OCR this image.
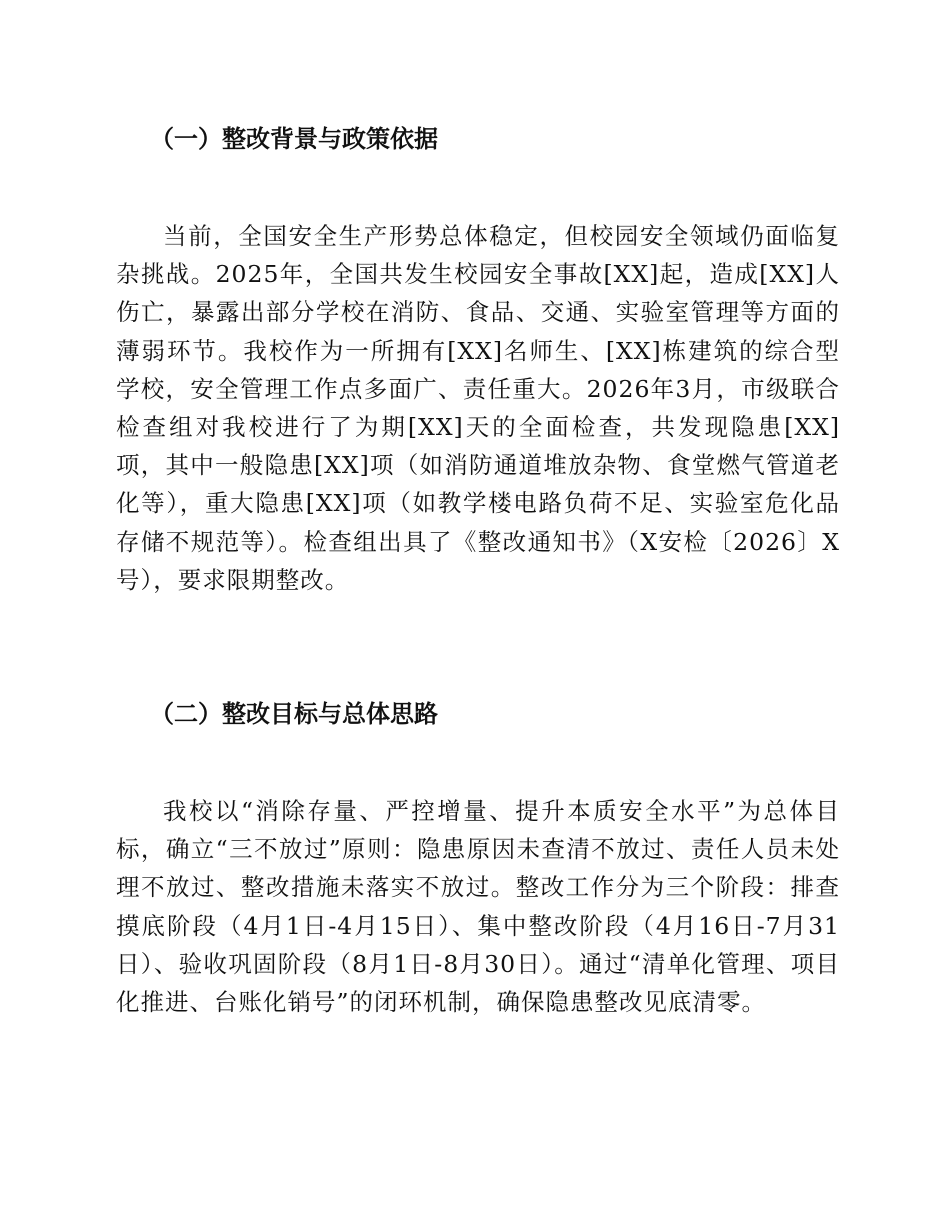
（一）整改背景与政策依据

当前，全国安全生产形势总体稳定，但校园安全领域仍面临复杂挑战。2025年，全国共发生校园安全事故[XX]起，造成[XX]人伤亡，暴露出部分学校在消防、食品、交通、实验室管理等方面的薄弱环节。我校作为一所拥有[XX]名师生、[XX]栋建筑的综合型学校，安全管理工作点多面广、责任重大。2026年3月，市级联合检查组对我校进行了为期[XX]天的全面检查，共发现隐患[XX]项，其中一般隐患[XX]项（如消防通道堆放杂物、食堂燃气管道老化等），重大隐患[XX]项（如教学楼电路负荷不足、实验室危化品存储不规范等）。检查组出具了《整改通知书》（X安检〔2026〕X号），要求限期整改。

（二）整改目标与总体思路

我校以“消除存量、严控增量、提升本质安全水平”为总体目标，确立“三不放过”原则：隐患原因未查清不放过、责任人员未处理不放过、整改措施未落实不放过。整改工作分为三个阶段：排查摸底阶段（4月1日-4月15日）、集中整改阶段（4月16日-7月31日）、验收巩固阶段（8月1日-8月30日）。通过“清单化管理、项目化推进、台账化销号”的闭环机制，确保隐患整改见底清零。
